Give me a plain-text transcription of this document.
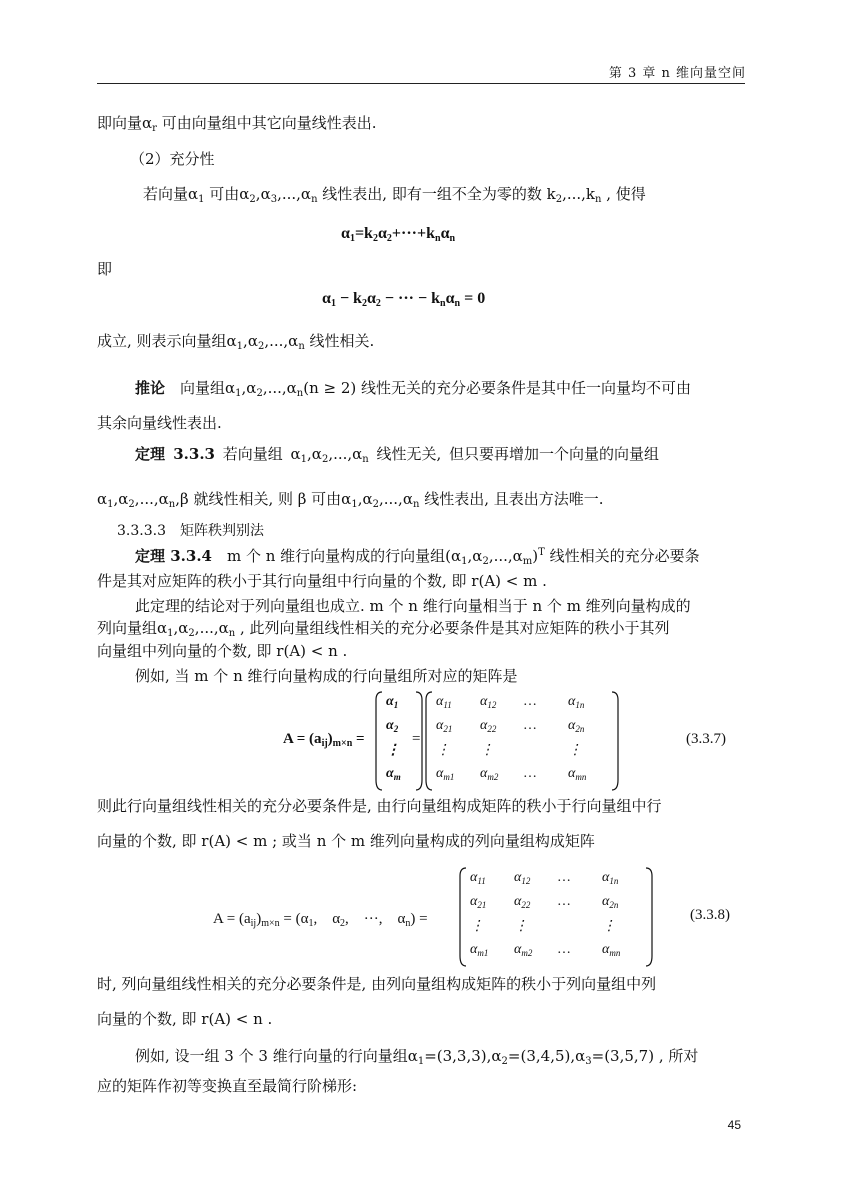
第 3 章 n 维向量空间
即向量$\alpha_r$ 可由向量组中其它向量线性表出.
（2）充分性
若向量$\alpha_1$ 可由$\alpha_2,\alpha_3,...,\alpha_n$ 线性表出, 即有一组不全为零的数 $k_2,...,k_n$ , 使得
$\alpha_1=k_2\alpha_2+\cdot\cdot\cdot+k_n\alpha_n$
即
$\alpha_1 - k_2\alpha_2$ − ··· − $k_n\alpha_n = 0$
成立, 则表示向量组$\alpha_1,\alpha_2,...,\alpha_n$ 线性相关.
推论　向量组$\alpha_1,\alpha_2,...,\alpha_n(n \ge 2)$ 线性无关的充分必要条件是其中任一向量均不可由
其余向量线性表出.
定理 3.3.3 若向量组 $\alpha_1,\alpha_2,...,\alpha_n$ 线性无关, 但只要再增加一个向量的向量组
$\alpha_1,\alpha_2,...,\alpha_n,\beta$ 就线性相关, 则 β 可由$\alpha_1,\alpha_2,...,\alpha_n$ 线性表出, 且表出方法唯一.
3.3.3.3　矩阵秩判别法
定理 3.3.4　m 个 n 维行向量构成的行向量组$(\alpha_1,\alpha_2,...,\alpha_m)^T$ 线性相关的充分必要条
件是其对应矩阵的秩小于其行向量组中行向量的个数, 即 r(A) < m .
此定理的结论对于列向量组也成立. m 个 n 维行向量相当于 n 个 m 维列向量构成的
列向量组$\alpha_1,\alpha_2,...,\alpha_n$ , 此列向量组线性相关的充分必要条件是其对应矩阵的秩小于其列
向量组中列向量的个数, 即 r(A) < n .
例如, 当 m 个 n 维行向量构成的行向量组所对应的矩阵是
$A = (a_{ij})_{m\times n}$ =
$\alpha_1$
$\alpha_2$
⋮
$\alpha_m$
=
$\alpha_{11}$ $\alpha_{12}$ … $\alpha_{1n}$
$\alpha_{21}$ $\alpha_{22}$ … $\alpha_{2n}$
⋮ ⋮	⋮
$\alpha_{m1}$ $\alpha_{m2}$ … $\alpha_{mn}$
(3.3.7)
则此行向量组线性相关的充分必要条件是, 由行向量组构成矩阵的秩小于行向量组中行
向量的个数, 即 r(A) < m ; 或当 n 个 m 维列向量构成的列向量组构成矩阵
$A = (a_{ij})_{m\times n} = (\alpha_1$,　$\alpha_2$,　···,　$\alpha_n$) =
$\alpha_{11}$ $\alpha_{12}$ … $\alpha_{1n}$
$\alpha_{21}$ $\alpha_{22}$ … $\alpha_{2n}$
⋮ ⋮	⋮
$\alpha_{m1}$ $\alpha_{m2}$ … $\alpha_{mn}$
(3.3.8)
时, 列向量组线性相关的充分必要条件是, 由列向量组构成矩阵的秩小于列向量组中列
向量的个数, 即 r(A) < n .
例如, 设一组 3 个 3 维行向量的行向量组$\alpha_1=(3,3,3),\alpha_2=(3,4,5),\alpha_3=(3,5,7)$ , 所对
应的矩阵作初等变换直至最简行阶梯形:
45
